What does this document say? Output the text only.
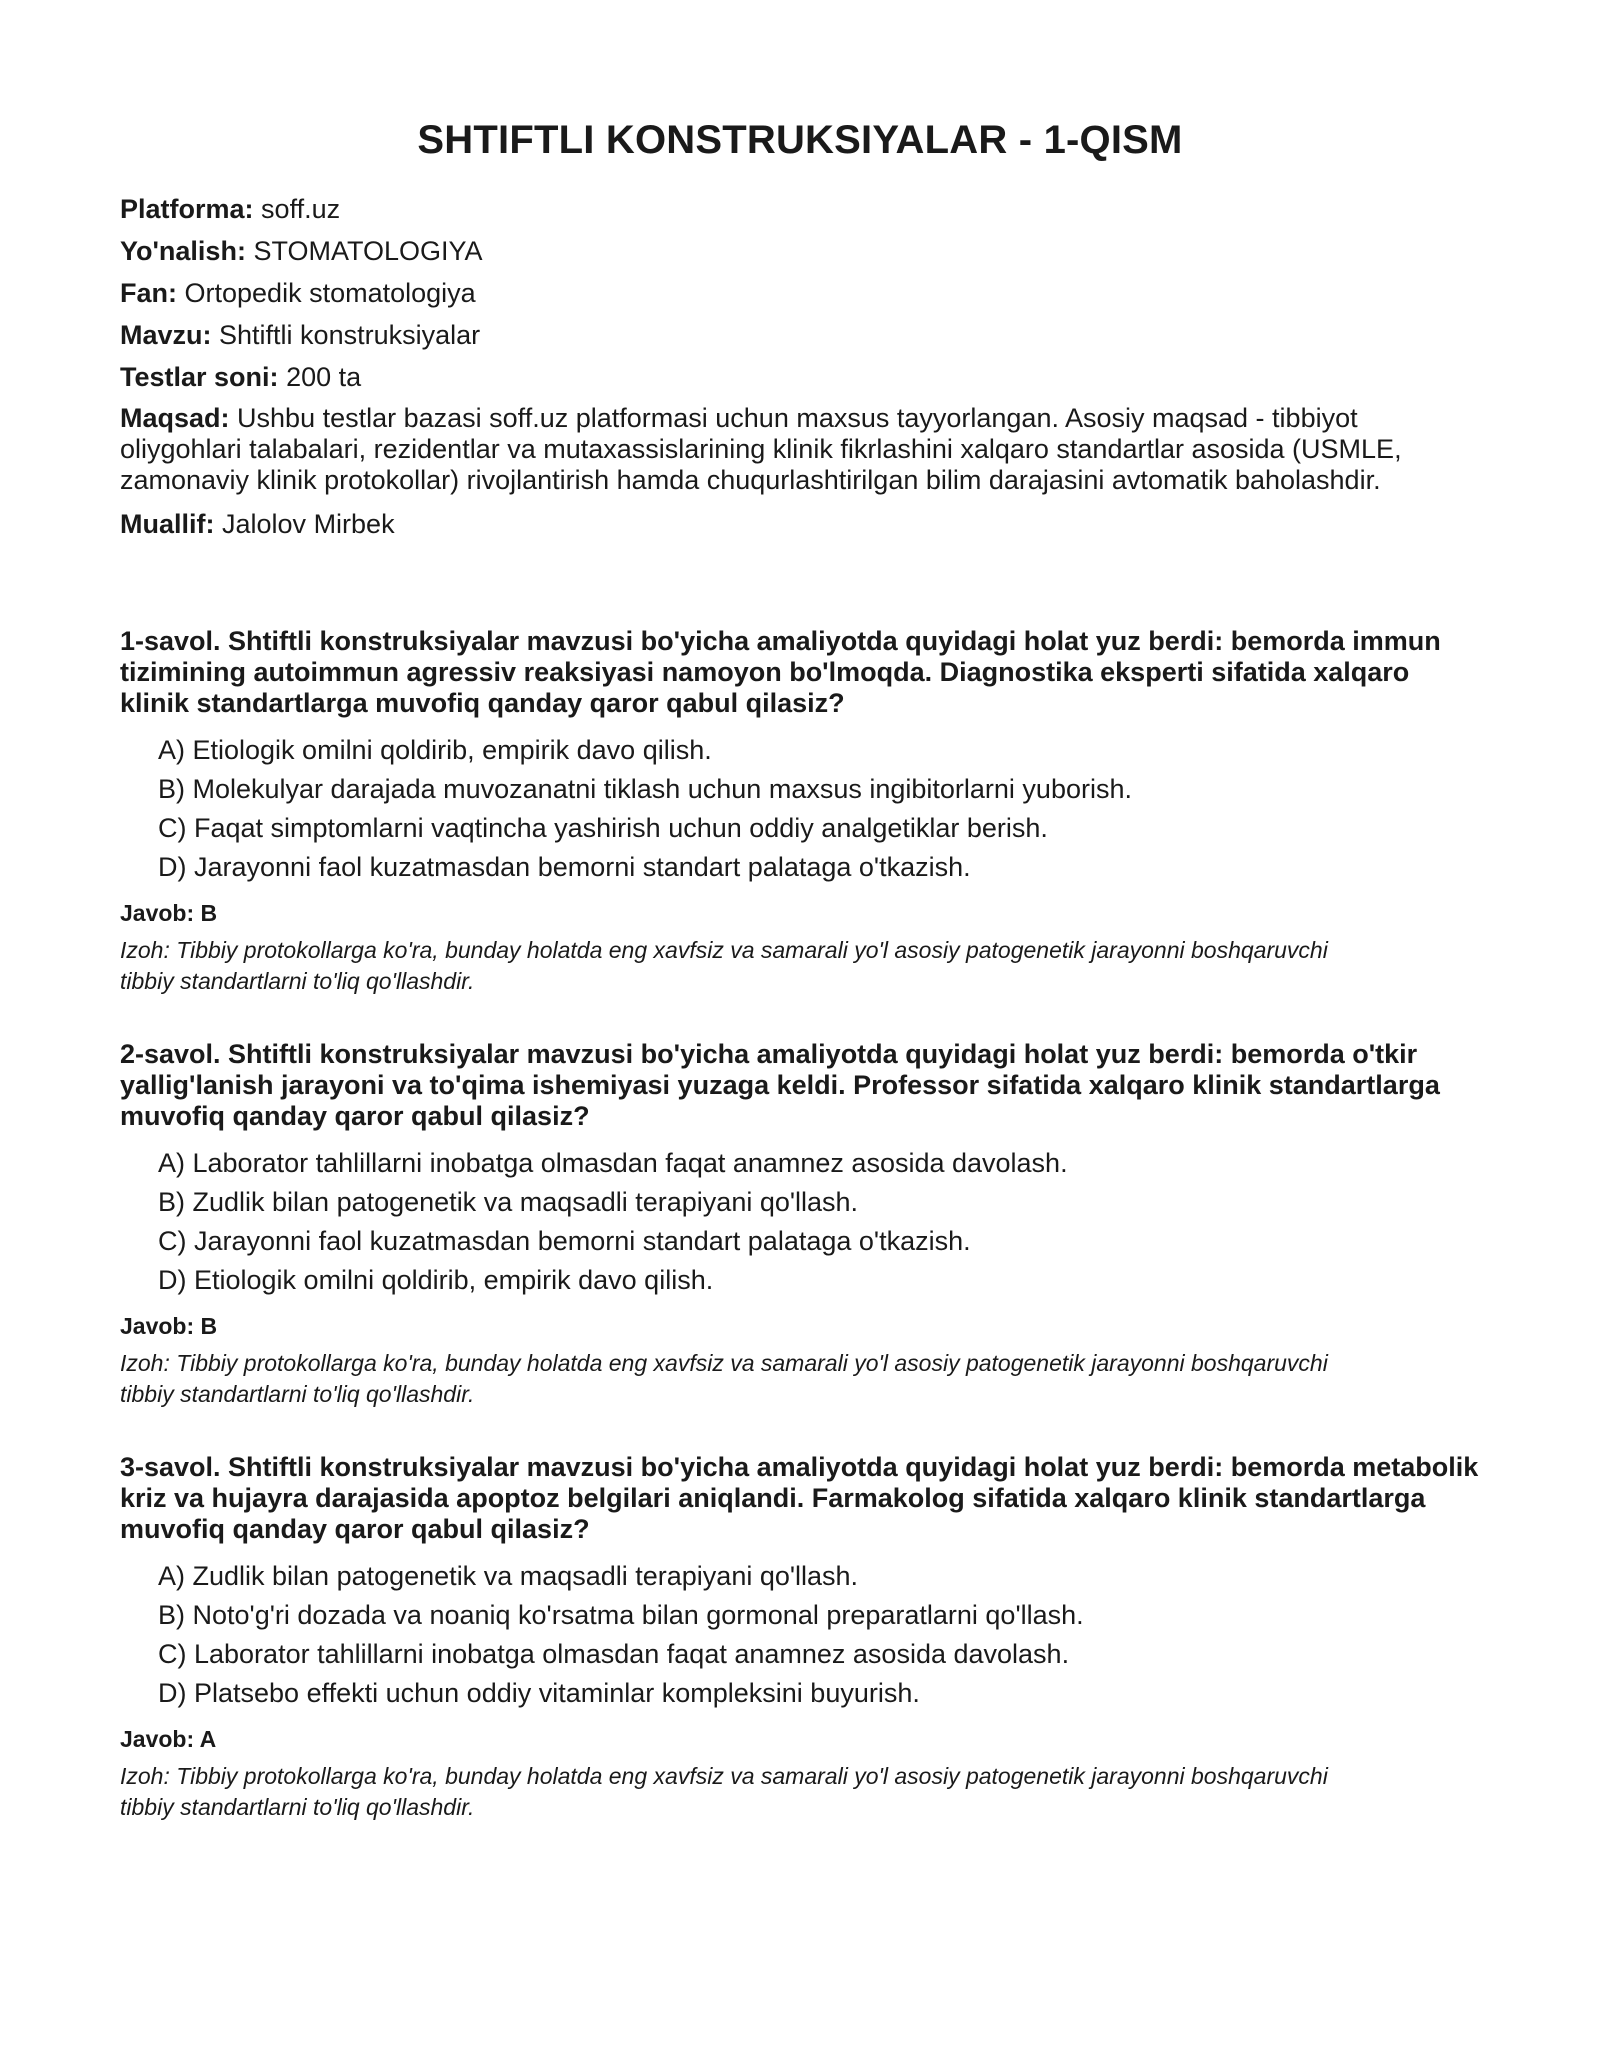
SHTIFTLI KONSTRUKSIYALAR - 1-QISM

Platforma: soff.uz

Yo'nalish: STOMATOLOGIYA

Fan: Ortopedik stomatologiya

Mavzu: Shtiftli konstruksiyalar

Testlar soni: 200 ta

Maqsad: Ushbu testlar bazasi soff.uz platformasi uchun maxsus tayyorlangan. Asosiy maqsad - tibbiyot oliygohlari talabalari, rezidentlar va mutaxassislarining klinik fikrlashini xalqaro standartlar asosida (USMLE, zamonaviy klinik protokollar) rivojlantirish hamda chuqurlashtirilgan bilim darajasini avtomatik baholashdir.

Muallif: Jalolov Mirbek

1-savol. Shtiftli konstruksiyalar mavzusi bo'yicha amaliyotda quyidagi holat yuz berdi: bemorda immun tizimining autoimmun agressiv reaksiyasi namoyon bo'lmoqda. Diagnostika eksperti sifatida xalqaro klinik standartlarga muvofiq qanday qaror qabul qilasiz?

A) Etiologik omilni qoldirib, empirik davo qilish.
B) Molekulyar darajada muvozanatni tiklash uchun maxsus ingibitorlarni yuborish.
C) Faqat simptomlarni vaqtincha yashirish uchun oddiy analgetiklar berish.
D) Jarayonni faol kuzatmasdan bemorni standart palataga o'tkazish.

Javob: B

Izoh: Tibbiy protokollarga ko'ra, bunday holatda eng xavfsiz va samarali yo'l asosiy patogenetik jarayonni boshqaruvchi tibbiy standartlarni to'liq qo'llashdir.

2-savol. Shtiftli konstruksiyalar mavzusi bo'yicha amaliyotda quyidagi holat yuz berdi: bemorda o'tkir yallig'lanish jarayoni va to'qima ishemiyasi yuzaga keldi. Professor sifatida xalqaro klinik standartlarga muvofiq qanday qaror qabul qilasiz?

A) Laborator tahlillarni inobatga olmasdan faqat anamnez asosida davolash.
B) Zudlik bilan patogenetik va maqsadli terapiyani qo'llash.
C) Jarayonni faol kuzatmasdan bemorni standart palataga o'tkazish.
D) Etiologik omilni qoldirib, empirik davo qilish.

Javob: B

Izoh: Tibbiy protokollarga ko'ra, bunday holatda eng xavfsiz va samarali yo'l asosiy patogenetik jarayonni boshqaruvchi tibbiy standartlarni to'liq qo'llashdir.

3-savol. Shtiftli konstruksiyalar mavzusi bo'yicha amaliyotda quyidagi holat yuz berdi: bemorda metabolik kriz va hujayra darajasida apoptoz belgilari aniqlandi. Farmakolog sifatida xalqaro klinik standartlarga muvofiq qanday qaror qabul qilasiz?

A) Zudlik bilan patogenetik va maqsadli terapiyani qo'llash.
B) Noto'g'ri dozada va noaniq ko'rsatma bilan gormonal preparatlarni qo'llash.
C) Laborator tahlillarni inobatga olmasdan faqat anamnez asosida davolash.
D) Platsebo effekti uchun oddiy vitaminlar kompleksini buyurish.

Javob: A

Izoh: Tibbiy protokollarga ko'ra, bunday holatda eng xavfsiz va samarali yo'l asosiy patogenetik jarayonni boshqaruvchi tibbiy standartlarni to'liq qo'llashdir.
